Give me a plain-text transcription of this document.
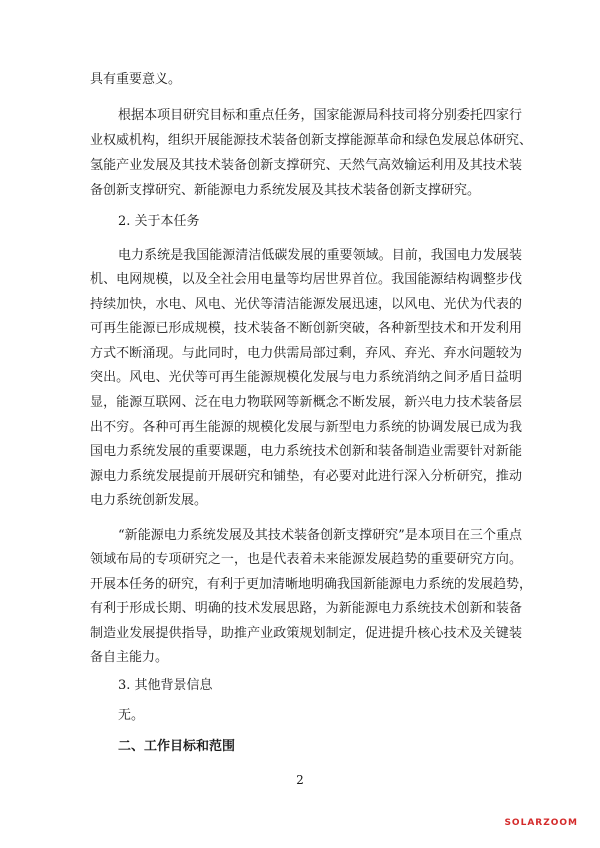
具有重要意义。
根据本项目研究目标和重点任务，国家能源局科技司将分别委托四家行
业权威机构，组织开展能源技术装备创新支撑能源革命和绿色发展总体研究、
氢能产业发展及其技术装备创新支撑研究、天然气高效输运利用及其技术装
备创新支撑研究、新能源电力系统发展及其技术装备创新支撑研究。
2. 关于本任务
电力系统是我国能源清洁低碳发展的重要领域。目前，我国电力发展装
机、电网规模，以及全社会用电量等均居世界首位。我国能源结构调整步伐
持续加快，水电、风电、光伏等清洁能源发展迅速，以风电、光伏为代表的
可再生能源已形成规模，技术装备不断创新突破，各种新型技术和开发利用
方式不断涌现。与此同时，电力供需局部过剩，弃风、弃光、弃水问题较为
突出。风电、光伏等可再生能源规模化发展与电力系统消纳之间矛盾日益明
显，能源互联网、泛在电力物联网等新概念不断发展，新兴电力技术装备层
出不穷。各种可再生能源的规模化发展与新型电力系统的协调发展已成为我
国电力系统发展的重要课题，电力系统技术创新和装备制造业需要针对新能
源电力系统发展提前开展研究和铺垫，有必要对此进行深入分析研究，推动
电力系统创新发展。
“新能源电力系统发展及其技术装备创新支撑研究”是本项目在三个重点
领域布局的专项研究之一，也是代表着未来能源发展趋势的重要研究方向。
开展本任务的研究，有利于更加清晰地明确我国新能源电力系统的发展趋势，
有利于形成长期、明确的技术发展思路，为新能源电力系统技术创新和装备
制造业发展提供指导，助推产业政策规划制定，促进提升核心技术及关键装
备自主能力。
3. 其他背景信息
无。
二、工作目标和范围
2
SOLARZOOM
